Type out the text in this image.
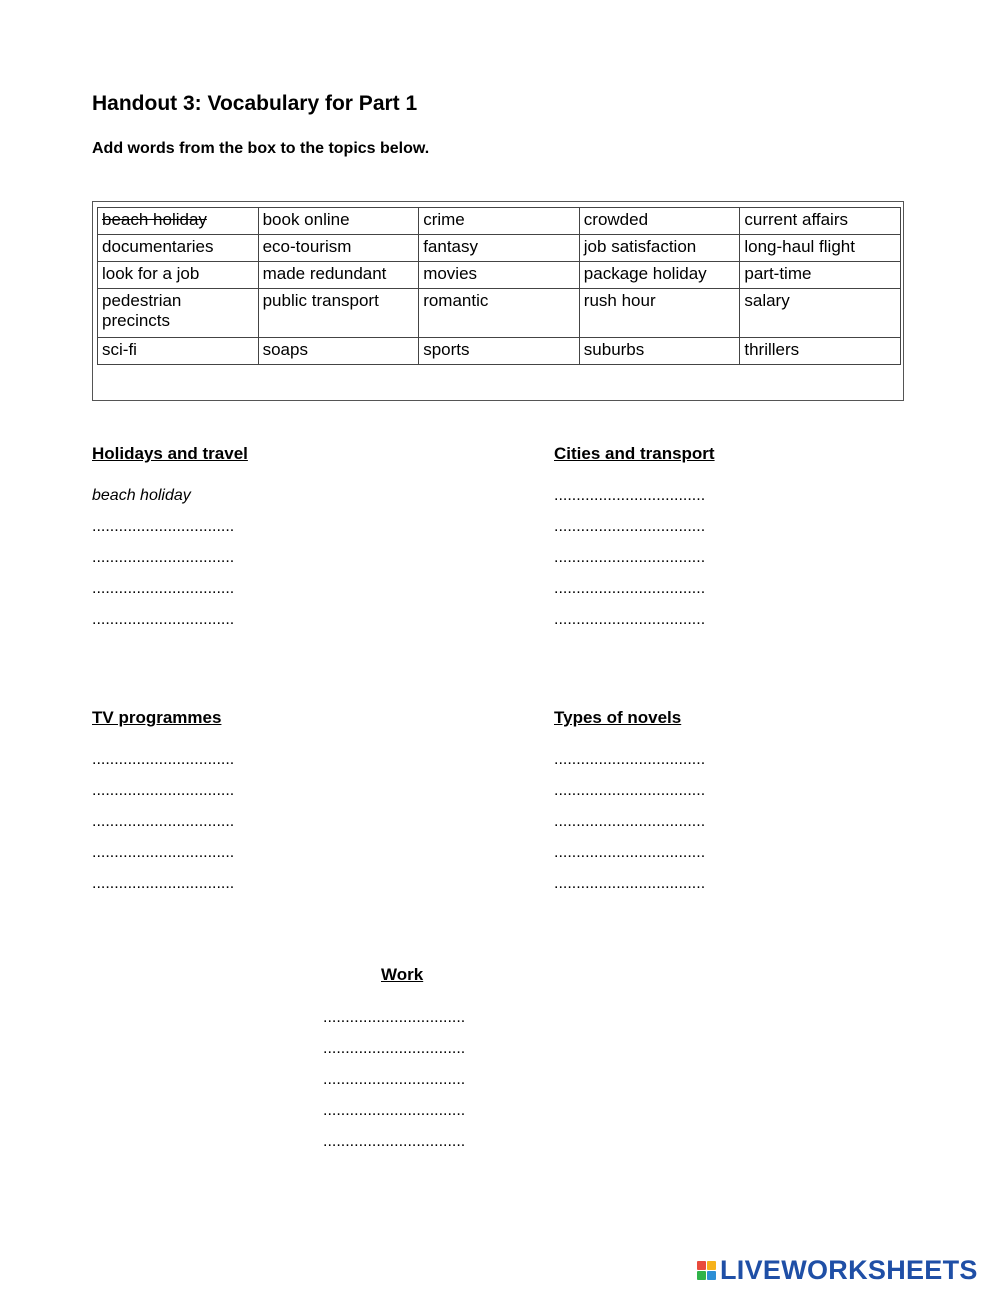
Handout 3: Vocabulary for Part 1
Add words from the box to the topics below.
beach holiday	book online	crime	crowded	current affairs
documentaries	eco-tourism	fantasy	job satisfaction	long-haul flight
look for a job	made redundant	movies	package holiday	part-time
pedestrian precincts	public transport	romantic	rush hour	salary
sci-fi	soaps	sports	suburbs	thrillers
Holidays and travel
beach holiday
................................
................................
................................
................................
Cities and transport
..................................
..................................
..................................
..................................
..................................
TV programmes
................................
................................
................................
................................
................................
Types of novels
..................................
..................................
..................................
..................................
..................................
Work
................................
................................
................................
................................
................................
LIVEWORKSHEETS
